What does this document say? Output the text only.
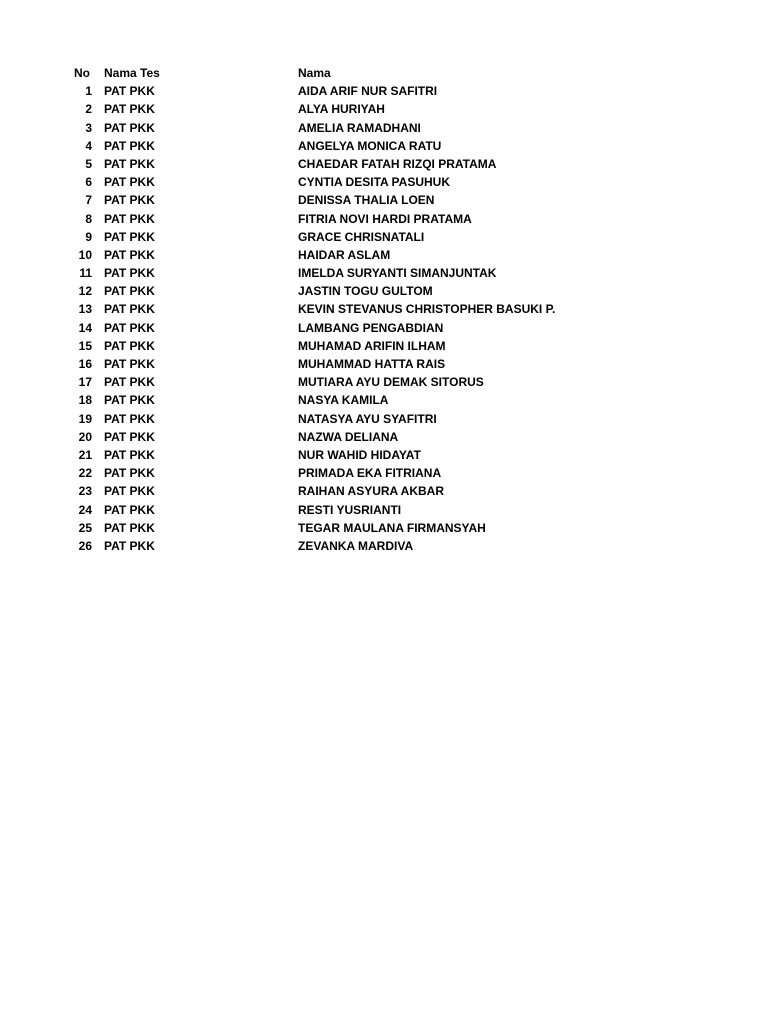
No Nama Tes	Nama
1 PAT PKK	AIDA ARIF NUR SAFITRI
2 PAT PKK	ALYA HURIYAH
3 PAT PKK	AMELIA RAMADHANI
4 PAT PKK	ANGELYA MONICA RATU
5 PAT PKK	CHAEDAR FATAH RIZQI PRATAMA
6 PAT PKK	CYNTIA DESITA PASUHUK
7 PAT PKK	DENISSA THALIA LOEN
8 PAT PKK	FITRIA NOVI HARDI PRATAMA
9 PAT PKK	GRACE CHRISNATALI
10 PAT PKK	HAIDAR ASLAM
11 PAT PKK	IMELDA SURYANTI SIMANJUNTAK
12 PAT PKK	JASTIN TOGU GULTOM
13 PAT PKK	KEVIN STEVANUS CHRISTOPHER BASUKI P.
14 PAT PKK	LAMBANG PENGABDIAN
15 PAT PKK	MUHAMAD ARIFIN ILHAM
16 PAT PKK	MUHAMMAD HATTA RAIS
17 PAT PKK	MUTIARA AYU DEMAK SITORUS
18 PAT PKK	NASYA KAMILA
19 PAT PKK	NATASYA AYU SYAFITRI
20 PAT PKK	NAZWA DELIANA
21 PAT PKK	NUR WAHID HIDAYAT
22 PAT PKK	PRIMADA EKA FITRIANA
23 PAT PKK	RAIHAN ASYURA AKBAR
24 PAT PKK	RESTI YUSRIANTI
25 PAT PKK	TEGAR MAULANA FIRMANSYAH
26 PAT PKK	ZEVANKA MARDIVA
